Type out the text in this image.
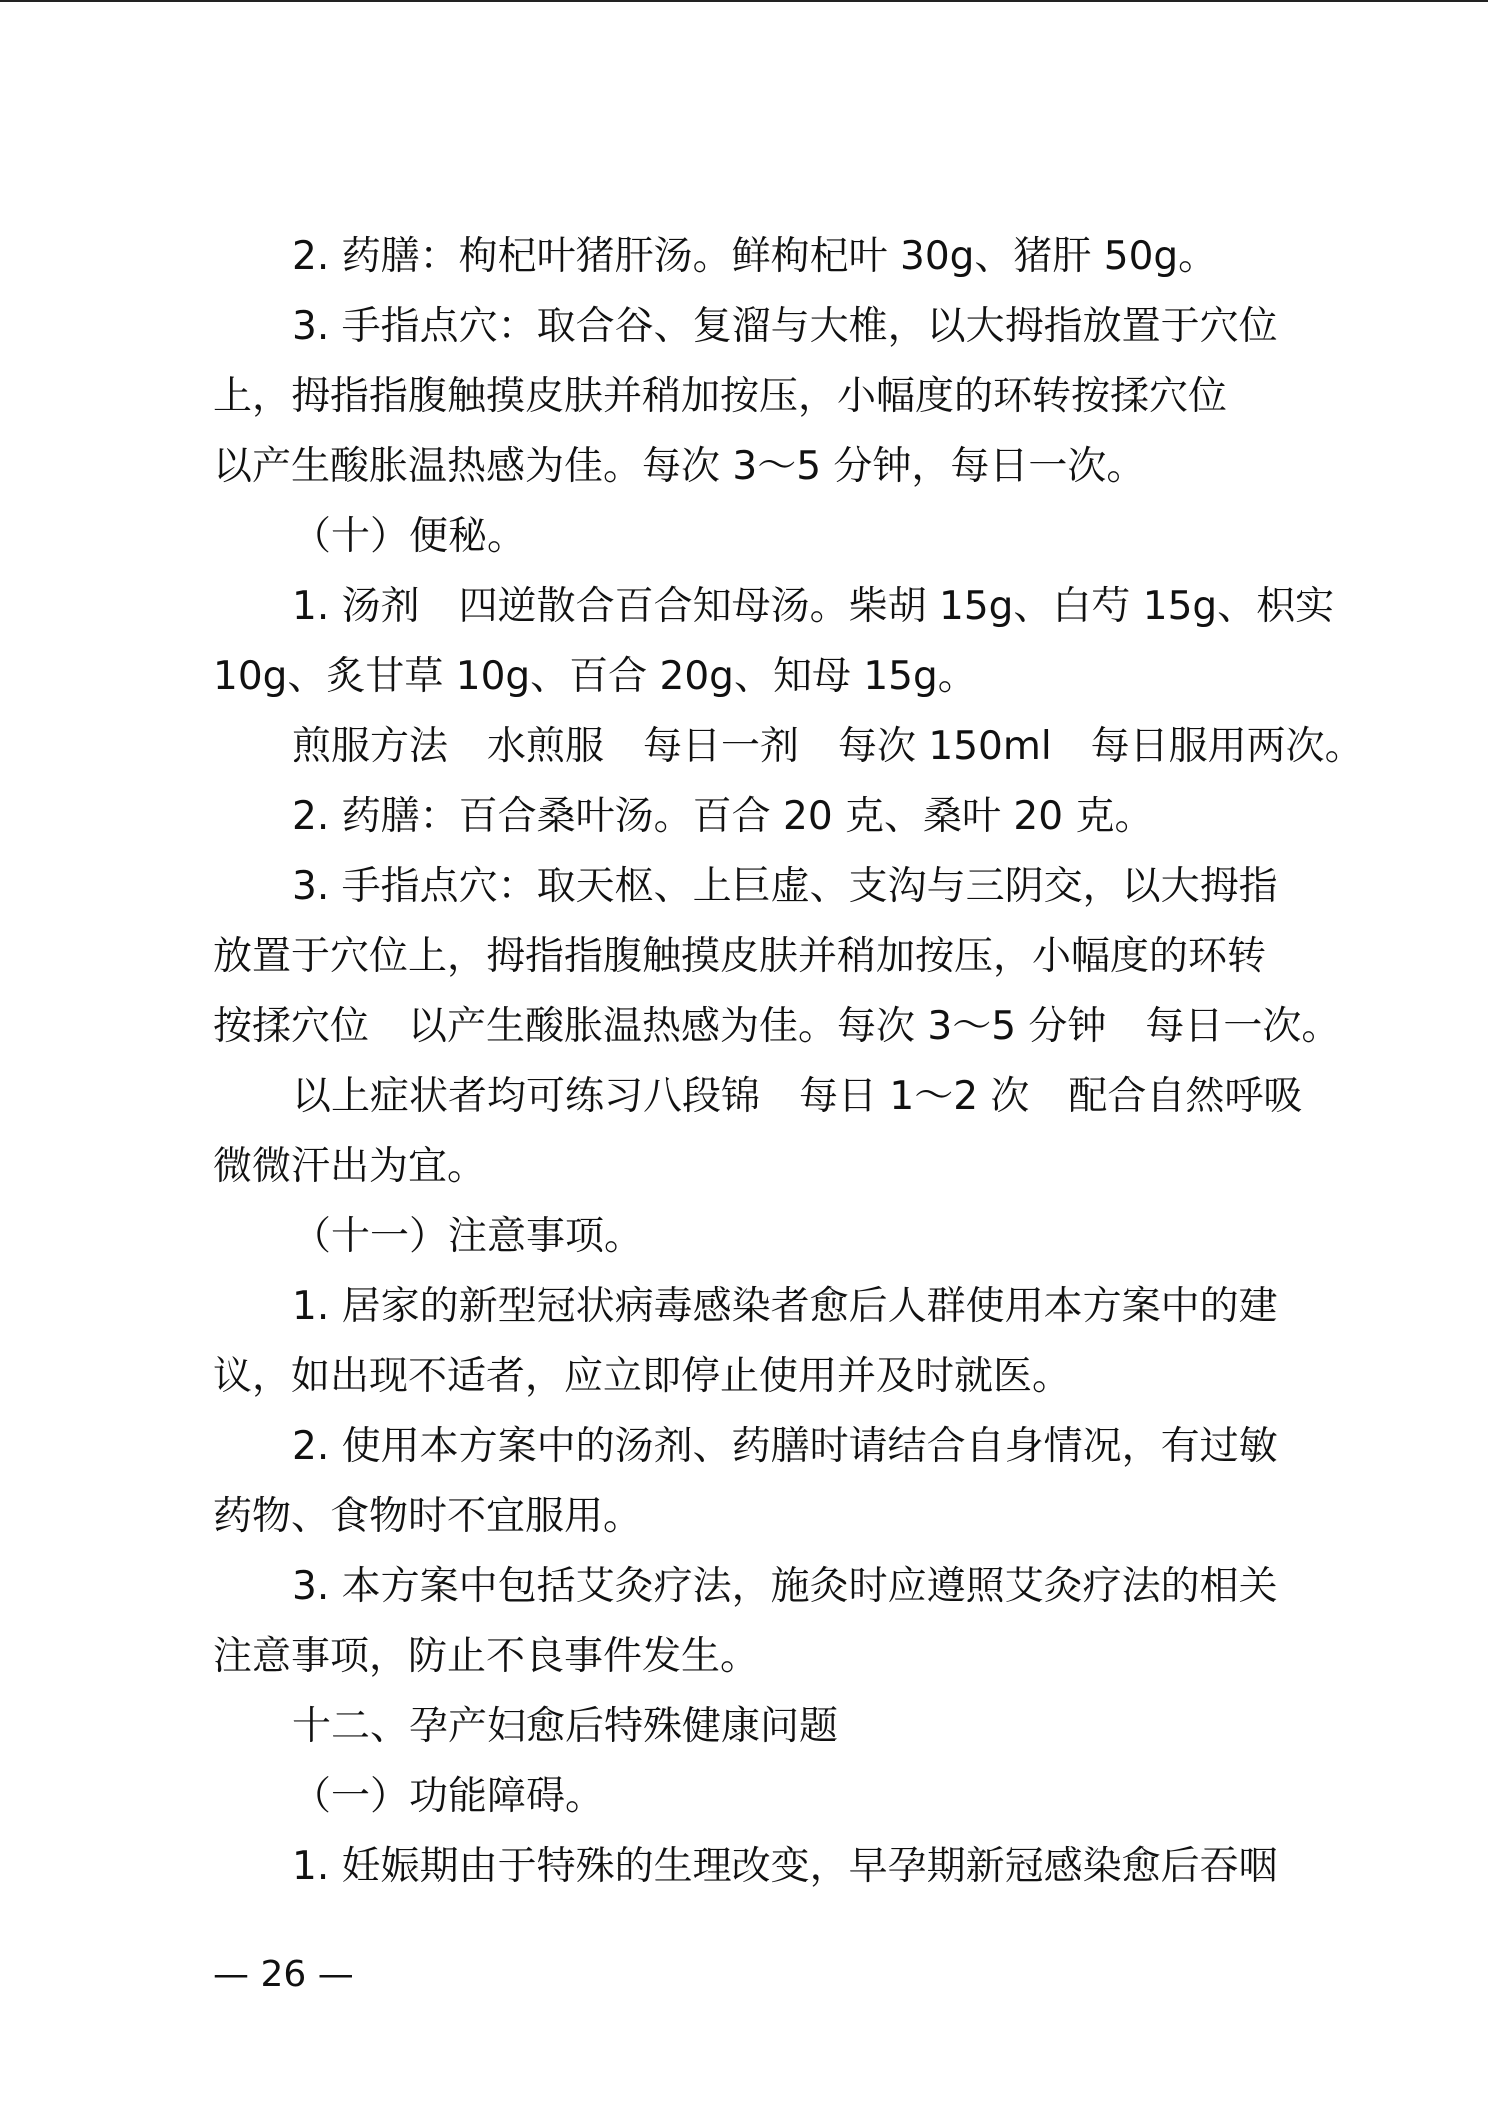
2. 药膳：枸杞叶猪肝汤。鲜枸杞叶 30g、猪肝 50g。

3. 手指点穴：取合谷、复溜与大椎，以大拇指放置于穴位

上，拇指指腹触摸皮肤并稍加按压，小幅度的环转按揉穴位

以产生酸胀温热感为佳。每次 3～5 分钟，每日一次。

（十）便秘。

1. 汤剂　四逆散合百合知母汤。柴胡 15g、白芍 15g、枳实

10g、炙甘草 10g、百合 20g、知母 15g。

煎服方法　水煎服　每日一剂　每次 150ml　每日服用两次。

2. 药膳：百合桑叶汤。百合 20 克、桑叶 20 克。

3. 手指点穴：取天枢、上巨虚、支沟与三阴交，以大拇指

放置于穴位上，拇指指腹触摸皮肤并稍加按压，小幅度的环转

按揉穴位　以产生酸胀温热感为佳。每次 3～5 分钟　每日一次。

以上症状者均可练习八段锦　每日 1～2 次　配合自然呼吸

微微汗出为宜。

（十一）注意事项。

1. 居家的新型冠状病毒感染者愈后人群使用本方案中的建

议，如出现不适者，应立即停止使用并及时就医。

2. 使用本方案中的汤剂、药膳时请结合自身情况，有过敏

药物、食物时不宜服用。

3. 本方案中包括艾灸疗法，施灸时应遵照艾灸疗法的相关

注意事项，防止不良事件发生。

十二、孕产妇愈后特殊健康问题

（一）功能障碍。

1. 妊娠期由于特殊的生理改变，早孕期新冠感染愈后吞咽

— 26 —
